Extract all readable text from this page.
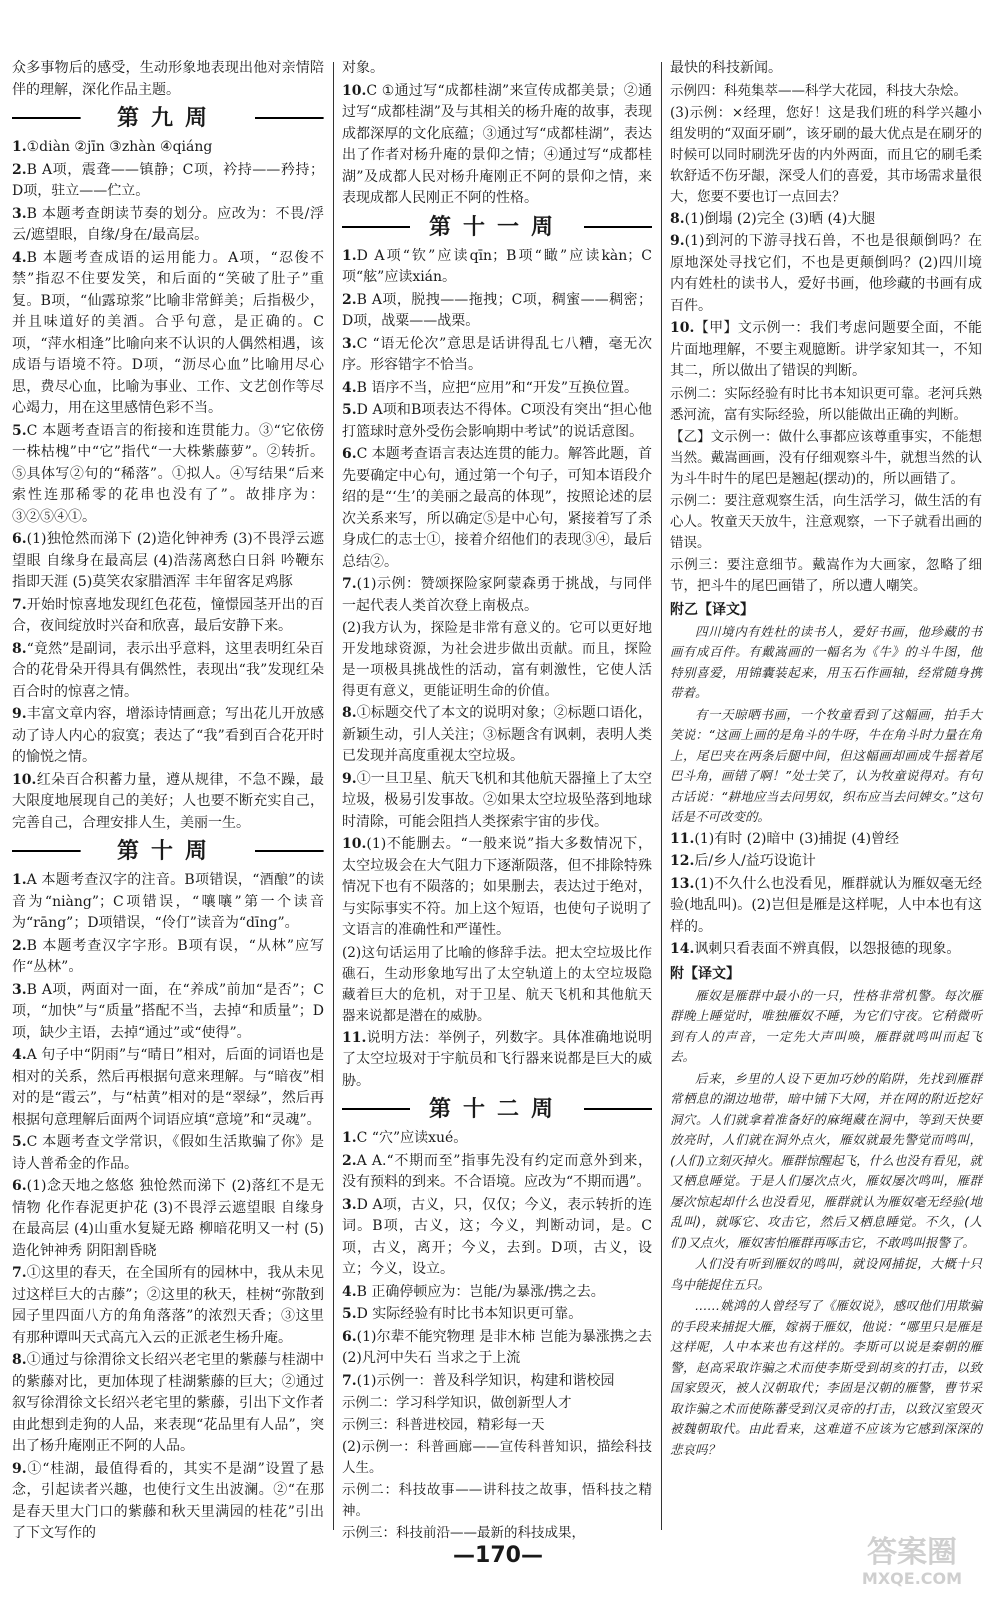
众多事物后的感受，生动形象地表现出他对亲情陪伴的理解，深化作品主题。
第九周
1.①diàn ②jīn ③zhàn ④qiáng
2.B A项，震聋——镇静；C项，衿持——矜持；D项，驻立——伫立。
3.B 本题考查朗读节奏的划分。应改为：不畏/浮云/遮望眼，自缘/身在/最高层。
4.B 本题考查成语的运用能力。A项，“忍俊不禁”指忍不住要发笑，和后面的“笑破了肚子”重复。B项，“仙露琼浆”比喻非常鲜美；后指极少，并且味道好的美酒。合乎句意，是正确的。C项，“萍水相逢”比喻向来不认识的人偶然相遇，该成语与语境不符。D项，“沥尽心血”比喻用尽心思，费尽心血，比喻为事业、工作、文艺创作等尽心竭力，用在这里感情色彩不当。
5.C 本题考查语言的衔接和连贯能力。③“它依傍一株枯槐”中“它”指代“一大株紫藤萝”。②转折。⑤具体写②句的“稀落”。①拟人。④写结果“后来索性连那稀零的花串也没有了”。故排序为：③②⑤④①。
6.(1)独怆然而涕下 (2)造化钟神秀 (3)不畏浮云遮望眼 自缘身在最高层 (4)浩荡离愁白日斜 吟鞭东指即天涯 (5)莫笑农家腊酒浑 丰年留客足鸡豚
7.开始时惊喜地发现红色花苞，憧憬园茎开出的百合，夜间绽放时兴奋和欣喜，最后安静下来。
8.“竟然”是副词，表示出乎意料，这里表明红朵百合的花骨朵开得具有偶然性，表现出“我”发现红朵百合时的惊喜之情。
9.丰富文章内容，增添诗情画意；写出花儿开放感动了诗人内心的寂寞；表达了“我”看到百合花开时的愉悦之情。
10.红朵百合积蓄力量，遵从规律，不急不躁，最大限度地展现自己的美好；人也要不断充实自己，完善自己，合理安排人生，美丽一生。
第十周
1.A 本题考查汉字的注音。B项错误，“酒酿”的读音为“niàng”；C项错误，“嚷嚷”第一个读音为“rāng”；D项错误，“伶仃”读音为“dīng”。
2.B 本题考查汉字字形。B项有误，“从林”应写作“丛林”。
3.B A项，两面对一面，在“养成”前加“是否”；C项，“加快”与“质量”搭配不当，去掉“和质量”；D项，缺少主语，去掉“通过”或“使得”。
4.A 句子中“阴雨”与“晴日”相对，后面的词语也是相对的关系，然后再根据句意来理解。与“暗夜”相对的是“霞云”，与“枯黄”相对的是“翠绿”，然后再根据句意理解后面两个词语应填“意境”和“灵魂”。
5.C 本题考查文学常识，《假如生活欺骗了你》是诗人普希金的作品。
6.(1)念天地之悠悠 独怆然而涕下 (2)落红不是无情物 化作春泥更护花 (3)不畏浮云遮望眼 自缘身在最高层 (4)山重水复疑无路 柳暗花明又一村 (5)造化钟神秀 阴阳割昏晓
7.①这里的春天，在全国所有的园林中，我从未见过这样巨大的古藤”；②这里的秋天，桂树“弥散到园子里四面八方的角角落落”的浓烈天香；③这里有那种谭叫天式高亢入云的正派老生杨升庵。
8.①通过与徐渭徐文长绍兴老宅里的紫藤与桂湖中的紫藤对比，更加体现了桂湖紫藤的巨大；②通过叙写徐渭徐文长绍兴老宅里的紫藤，引出下文作者由此想到走狗的人品，来表现“花品里有人品”，突出了杨升庵刚正不阿的人品。
9.①“桂湖，最值得看的，其实不是湖”设置了悬念，引起读者兴趣，也使行文生出波澜。②“在那是春天里大门口的紫藤和秋天里满园的桂花”引出了下文写作的
对象。
10.C ①通过写“成都桂湖”来宣传成都美景；②通过写“成都桂湖”及与其相关的杨升庵的故事，表现成都深厚的文化底蕴；③通过写“成都桂湖”，表达出了作者对杨升庵的景仰之情；④通过写“成都桂湖”及成都人民对杨升庵刚正不阿的景仰之情，来表现成都人民刚正不阿的性格。
第十一周
1.D A项“钦”应读qīn；B项“瞰”应读kàn；C项“舷”应读xián。
2.B A项，脱拽——拖拽；C项，稠蜜——稠密；D项，战粟——战栗。
3.C “语无伦次”意思是话讲得乱七八糟，毫无次序。形容错字不恰当。
4.B 语序不当，应把“应用”和“开发”互换位置。
5.D A项和B项表达不得体。C项没有突出“担心他打篮球时意外受伤会影响期中考试”的说话意图。
6.C 本题考查语言表达连贯的能力。解答此题，首先要确定中心句，通过第一个句子，可知本语段介绍的是“‘生’的美丽之最高的体现”，按照论述的层次关系来写，所以确定⑤是中心句，紧接着写了杀身成仁的志士①，接着介绍他们的表现③④，最后总结②。
7.(1)示例：赞颂探险家阿蒙森勇于挑战，与同伴一起代表人类首次登上南极点。
(2)我方认为，探险是非常有意义的。它可以更好地开发地球资源，为社会进步做出贡献。而且，探险是一项极具挑战性的活动，富有刺激性，它使人活得更有意义，更能证明生命的价值。
8.①标题交代了本文的说明对象；②标题口语化，新颖生动，引人关注；③标题含有讽刺，表明人类已发现并高度重视太空垃圾。
9.①一旦卫星、航天飞机和其他航天器撞上了太空垃圾，极易引发事故。②如果太空垃圾坠落到地球时清除，可能会阻挡人类探索宇宙的步伐。
10.(1)不能删去。“一般来说”指大多数情况下，太空垃圾会在大气阻力下逐渐陨落，但不排除特殊情况下也有不陨落的；如果删去，表达过于绝对，与实际事实不符。加上这个短语，也使句子说明了文语言的准确性和严谨性。
(2)这句话运用了比喻的修辞手法。把太空垃圾比作礁石，生动形象地写出了太空轨道上的太空垃圾隐藏着巨大的危机，对于卫星、航天飞机和其他航天器来说都是潜在的威胁。
11.说明方法：举例子，列数字。具体准确地说明了太空垃圾对于宇航员和飞行器来说都是巨大的威胁。
第十二周
1.C “穴”应读xué。
2.A A.“不期而至”指事先没有约定而意外到来，没有预料的到来。不合语境。应改为“不期而遇”。
3.D A项，古义，只，仅仅；今义，表示转折的连词。B项，古义，这；今义，判断动词，是。C项，古义，离开；今义，去到。D项，古义，设立；今义，设立。
4.B 正确停顿应为：岂能/为暴涨/携之去。
5.D 实际经验有时比书本知识更可靠。
6.(1)尔辈不能究物理 是非木柿 岂能为暴涨携之去 (2)凡河中失石 当求之于上流
7.(1)示例一：普及科学知识，构建和谐校园
示例二：学习科学知识，做创新型人才
示例三：科普进校园，精彩每一天
(2)示例一：科普画廊——宣传科普知识，描绘科技人生。
示例二：科技故事——讲科技之故事，悟科技之精神。
示例三：科技前沿——最新的科技成果，
最快的科技新闻。
示例四：科苑集萃——科学大花园，科技大杂烩。
(3)示例：×经理，您好！这是我们班的科学兴趣小组发明的“双面牙刷”，该牙刷的最大优点是在刷牙的时候可以同时刷洗牙齿的内外两面，而且它的刷毛柔软舒适不伤牙龈，深受人们的喜爱，其市场需求量很大，您要不要也订一点回去？
8.(1)倒塌 (2)完全 (3)晒 (4)大腿
9.(1)到河的下游寻找石兽，不也是很颠倒吗？在原地深处寻找它们，不也是更颠倒吗？(2)四川境内有姓杜的读书人，爱好书画，他珍藏的书画有成百件。
10.【甲】文示例一：我们考虑问题要全面，不能片面地理解，不要主观臆断。讲学家知其一，不知其二，所以做出了错误的判断。
示例二：实际经验有时比书本知识更可靠。老河兵熟悉河流，富有实际经验，所以能做出正确的判断。
【乙】文示例一：做什么事都应该尊重事实，不能想当然。戴嵩画画，没有仔细观察斗牛，就想当然的认为斗牛时牛的尾巴是翘起(摆动)的，所以画错了。
示例二：要注意观察生活，向生活学习，做生活的有心人。牧童天天放牛，注意观察，一下子就看出画的错误。
示例三：要注意细节。戴嵩作为大画家，忽略了细节，把斗牛的尾巴画错了，所以遭人嘲笑。
附乙【译文】
四川境内有姓杜的读书人，爱好书画，他珍藏的书画有成百件。有戴嵩画的一幅名为《牛》的斗牛图，他特别喜爱，用锦囊装起来，用玉石作画轴，经常随身携带着。
有一天晾晒书画，一个牧童看到了这幅画，拍手大笑说：“这画上画的是角斗的牛呀，牛在角斗时力量在角上，尾巴夹在两条后腿中间，但这幅画却画成牛摇着尾巴斗角，画错了啊！”处士笑了，认为牧童说得对。有句古话说：“耕地应当去问男奴，织布应当去问婢女。”这句话是不可改变的。
11.(1)有时 (2)暗中 (3)捕捉 (4)曾经
12.后/乡人/益巧设诡计
13.(1)不久什么也没看见，雁群就认为雁奴毫无经验(地乱叫)。(2)岂但是雁是这样呢，人中本也有这样的。
14.讽刺只看表面不辨真假，以怨报德的现象。
附【译文】
雁奴是雁群中最小的一只，性格非常机警。每次雁群晚上睡觉时，唯独雁奴不睡，为它们守夜。它稍微听到有人的声音，一定先大声叫唤，雁群就鸣叫而起飞去。
后来，乡里的人设下更加巧妙的陷阱，先找到雁群常栖息的湖边地带，暗中铺下大网，并在网的附近挖好洞穴。人们就拿着准备好的麻绳藏在洞中，等到天快要放亮时，人们就在洞外点火，雁奴就最先警觉而鸣叫，(人们)立刻灭掉火。雁群惊醒起飞，什么也没有看见，就又栖息睡觉。于是人们屡次点火，雁奴屡次鸣叫，雁群屡次惊起却什么也没看见，雁群就认为雁奴毫无经验(地乱叫)，就啄它、攻击它，然后又栖息睡觉。不久，(人们)又点火，雁奴害怕雁群再啄击它，不敢鸣叫报警了。
人们没有听到雁奴的鸣叫，就设网捕捉，大概十只鸟中能捉住五只。
……姚鸿的人曾经写了《雁奴说》，感叹他们用欺骗的手段来捕捉大雁，嫁祸于雁奴，他说：“哪里只是雁是这样呢，人中本来也有这样的。李斯可以说是秦朝的雁警，赵高采取诈骗之术而使李斯受到胡亥的打击，以致国家毁灭，被人汉朝取代；李固是汉朝的雁警，曹节采取诈骗之术而使陈蕃受到汉灵帝的打击，以致汉室毁灭被魏朝取代。由此看来，这难道不应该为它感到深深的悲哀吗？
—170—	答案圈
MXQE.COM
